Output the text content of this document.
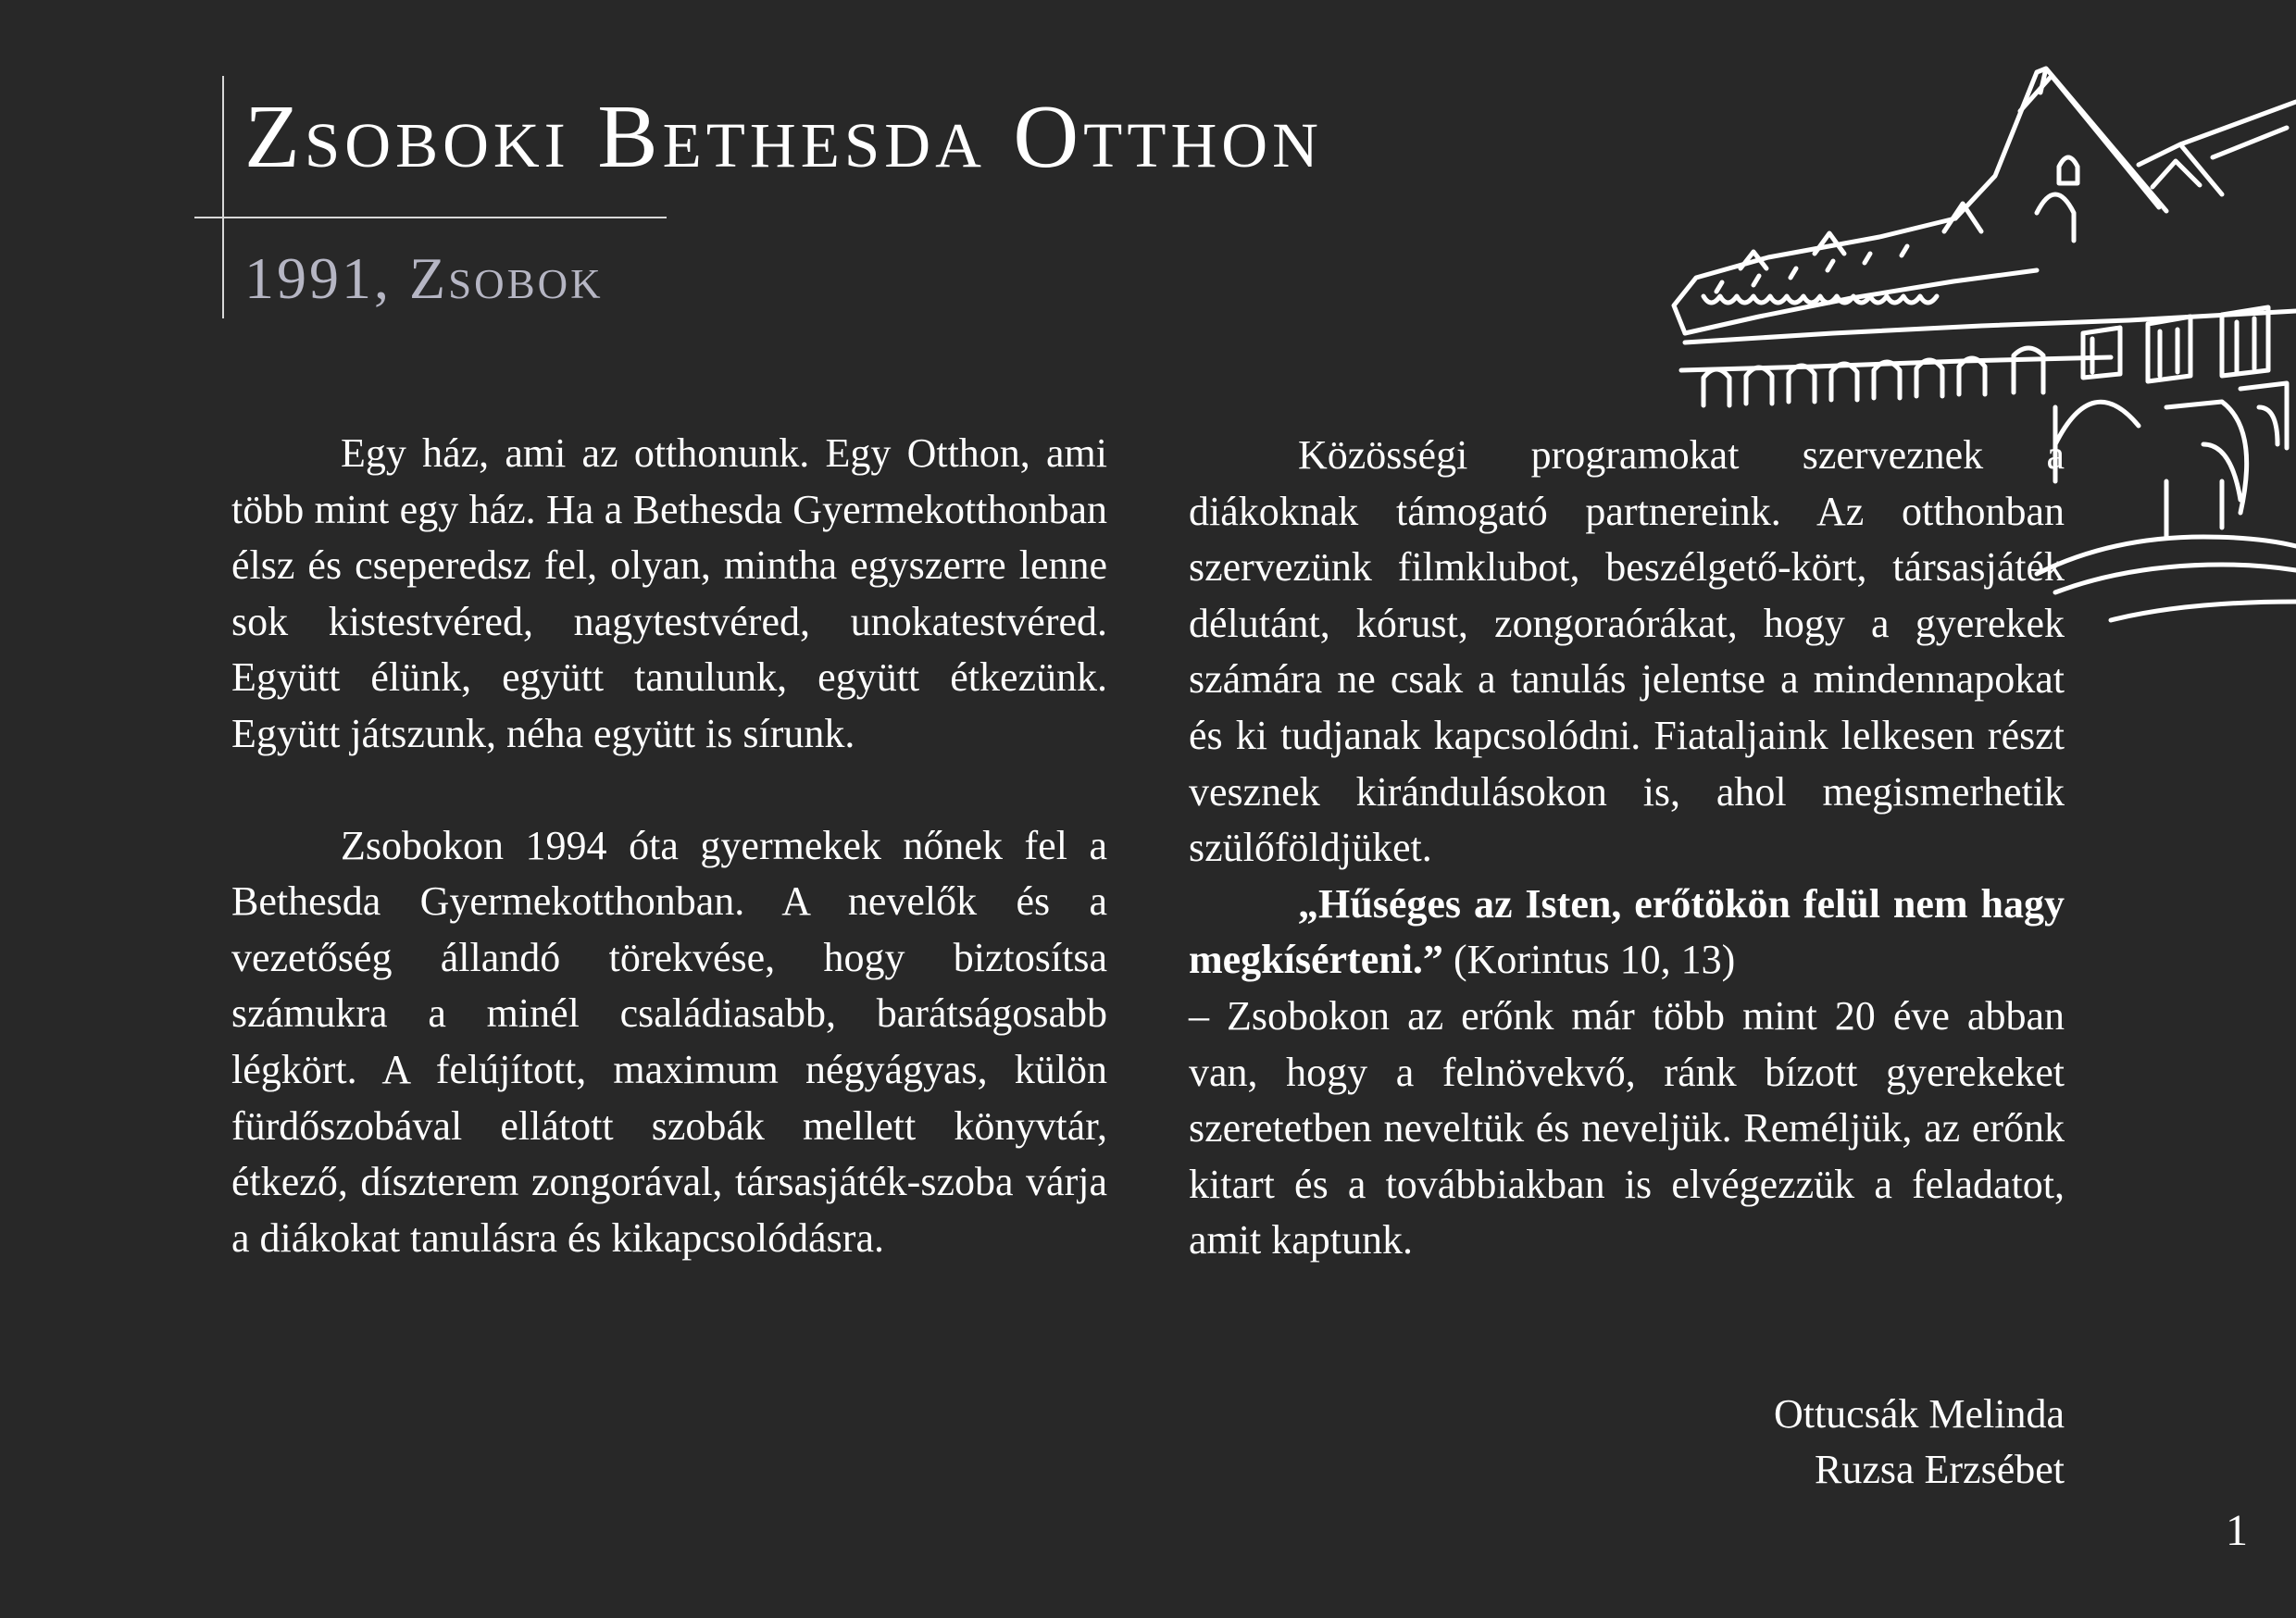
Zsoboki Bethesda Otthon
1991, Zsobok

Egy ház, ami az otthonunk. Egy Otthon, ami több mint egy ház. Ha a Bethesda Gyermekotthonban élsz és cseperedsz fel, olyan, mintha egyszerre lenne sok kistestvéred, nagytestvéred, unokatestvéred. Együtt élünk, együtt tanulunk, együtt étkezünk. Együtt játszunk, néha együtt is sírunk.

Zsobokon 1994 óta gyermekek nőnek fel a Bethesda Gyermekotthonban. A nevelők és a vezetőség állandó törekvése, hogy biztosítsa számukra a minél családiasabb, barátságosabb légkört. A felújított, maximum négyágyas, külön fürdőszobával ellátott szobák mellett könyvtár, étkező, díszterem zongorával, társasjáték-szoba várja a diákokat tanulásra és kikapcsolódásra.

Közösségi programokat szerveznek a diákoknak támogató partnereink. Az otthonban szervezünk filmklubot, beszélgető-kört, társasjáték délutánt, kórust, zongoraórákat, hogy a gyerekek számára ne csak a tanulás jelentse a mindennapokat és ki tudjanak kapcsolódni. Fiataljaink lelkesen részt vesznek kirándulásokon is, ahol megismerhetik szülőföldjüket.

„Hűséges az Isten, erőtökön felül nem hagy megkísérteni.” (Korintus 10, 13)

– Zsobokon az erőnk már több mint 20 éve abban van, hogy a felnövekvő, ránk bízott gyerekeket szeretetben neveltük és neveljük. Reméljük, az erőnk kitart és a továbbiakban is elvégezzük a feladatot, amit kaptunk.

Ottucsák Melinda
Ruzsa Erzsébet
1
